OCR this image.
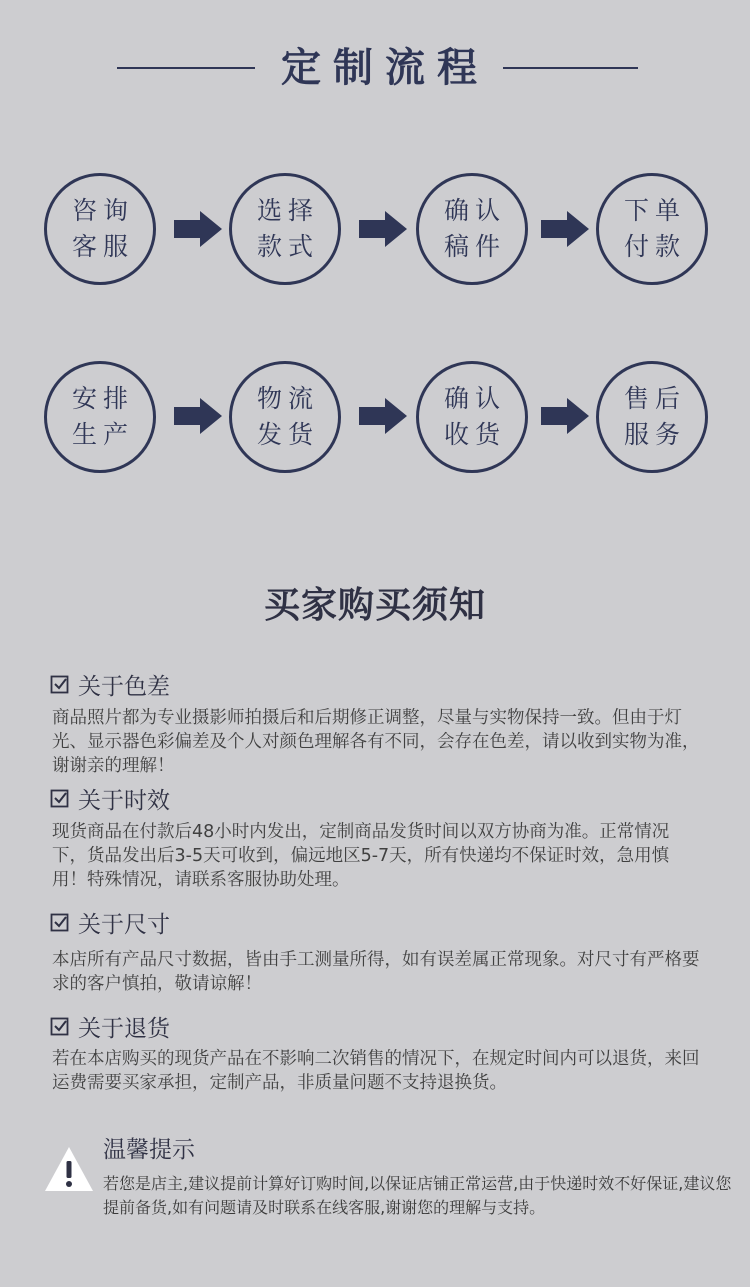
定制流程
咨询
客服
选择
款式
确认
稿件
下单
付款
安排
生产
物流
发货
确认
收货
售后
服务
买家购买须知
关于色差
商品照片都为专业摄影师拍摄后和后期修正调整，尽量与实物保持一致。但由于灯光、显示器色彩偏差及个人对颜色理解各有不同，会存在色差，请以收到实物为准，谢谢亲的理解！
关于时效
现货商品在付款后48小时内发出，定制商品发货时间以双方协商为准。正常情况下，货品发出后3-5天可收到，偏远地区5-7天，所有快递均不保证时效，急用慎用！特殊情况，请联系客服协助处理。
关于尺寸
本店所有产品尺寸数据，皆由手工测量所得，如有误差属正常现象。对尺寸有严格要求的客户慎拍，敬请谅解！
关于退货
若在本店购买的现货产品在不影响二次销售的情况下，在规定时间内可以退货，来回运费需要买家承担，定制产品，非质量问题不支持退换货。
温馨提示
若您是店主,建议提前计算好订购时间,以保证店铺正常运营,由于快递时效不好保证,建议您提前备货,如有问题请及时联系在线客服,谢谢您的理解与支持。
